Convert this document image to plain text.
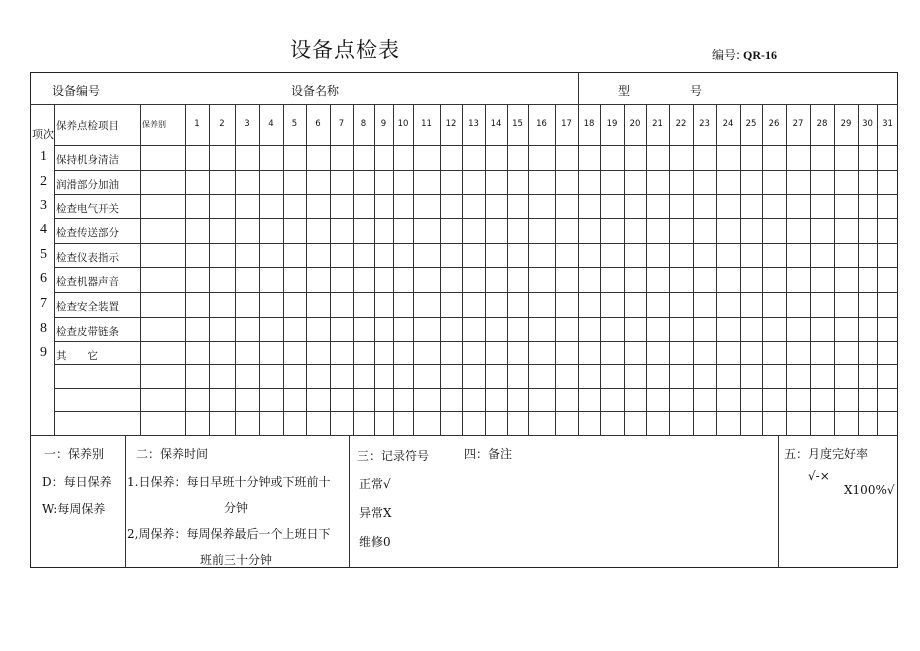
设备点检表	编号: QR-16
设备编号	设备名称	型	号
项次
保养点检项目	保养别	1	2	3	4	5	6	7	8	9	10	11	12	13	14	15	16	17	18	19	20	21	22	23	24	25	26	27	28	29	30	31
1 保持机身清洁
2 润滑部分加油
3 检查电气开关
4 检查传送部分
5 检查仪表指示
6 检查机器声音
7 检查安全装置
8 检查皮带链条
9 其　　它
一：保养别
D：每日保养
W:每周保养
二：保养时间
1.日保养：每日早班十分钟或下班前十
分钟
2,周保养：每周保养最后一个上班日下
班前三十分钟
三：记录符号
正常√
异常X
维修0
四：备注	五：月度完好率
√-×
X100%√
